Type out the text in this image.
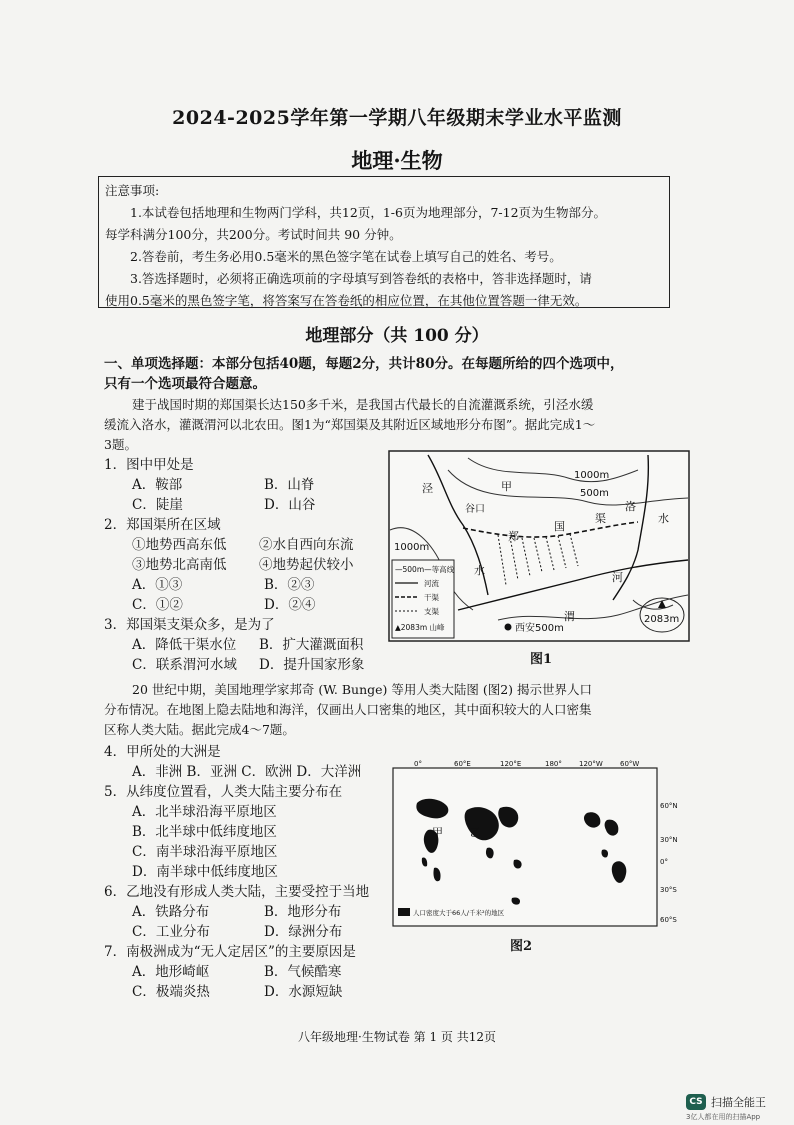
2024-2025学年第一学期八年级期末学业水平监测
地理·生物

注意事项:

1.本试卷包括地理和生物两门学科，共12页，1-6页为地理部分，7-12页为生物部分。

每学科满分100分，共200分。考试时间共 90 分钟。

2.答卷前，考生务必用0.5毫米的黑色签字笔在试卷上填写自己的姓名、考号。

3.答选择题时，必须将正确选项前的字母填写到答卷纸的表格中，答非选择题时，请

使用0.5毫米的黑色签字笔，将答案写在答卷纸的相应位置，在其他位置答题一律无效。

地理部分（共 100 分）
一、单项选择题：本部分包括40题，每题2分，共计80分。在每题所给的四个选项中，
只有一个选项最符合题意。
建于战国时期的郑国渠长达150多千米，是我国古代最长的自流灌溉系统，引泾水缓
缓流入洛水，灌溉渭河以北农田。图1为“郑国渠及其附近区域地形分布图”。据此完成1～
3题。
1．图中甲处是
A．鞍部	B．山脊
C．陡崖	D．山谷
2．郑国渠所在区域
①地势西高东低 ②水自西向东流
③地势北高南低 ④地势起伏较小
A．①③	B．②③
C．①②	D．②④
3．郑国渠支渠众多，是为了
A．降低干渠水位 B．扩大灌溉面积
C．联系渭河水域 D．提升国家形象
20 世纪中期，美国地理学家邦奇 (W. Bunge) 等用人类大陆图 (图2) 揭示世界人口
分布情况。在地图上隐去陆地和海洋，仅画出人口密集的地区，其中面积较大的人口密集
区称人类大陆。据此完成4～7题。
4．甲所处的大洲是
A．非洲 B．亚洲 C．欧洲 D．大洋洲
5．从纬度位置看，人类大陆主要分布在
A．北半球沿海平原地区
B．北半球中低纬度地区
C．南半球沿海平原地区
D．南半球中低纬度地区
6．乙地没有形成人类大陆，主要受控于当地
A．铁路分布	B．地形分布
C．工业分布	D．绿洲分布
7．南极洲成为“无人定居区”的主要原因是
A．地形崎岖	B．气候酷寒
C．极端炎热	D．水源短缺
泾	甲
谷口
郑
国
渠
洛
水
水
渭
河
1000m
500m
1000m
西安500m
2083m
—500m—等高线
河流
干渠
支渠
▲2083m 山峰
图1
0°	60°E	120°E	180° 120°W 60°W
60°N
30°N
0°
30°S
60°S
甲 乙
人口密度大于66人/千米²的地区
图2
八年级地理·生物试卷 第 1 页 共12页
CS 扫描全能王
3亿人都在用的扫描App
